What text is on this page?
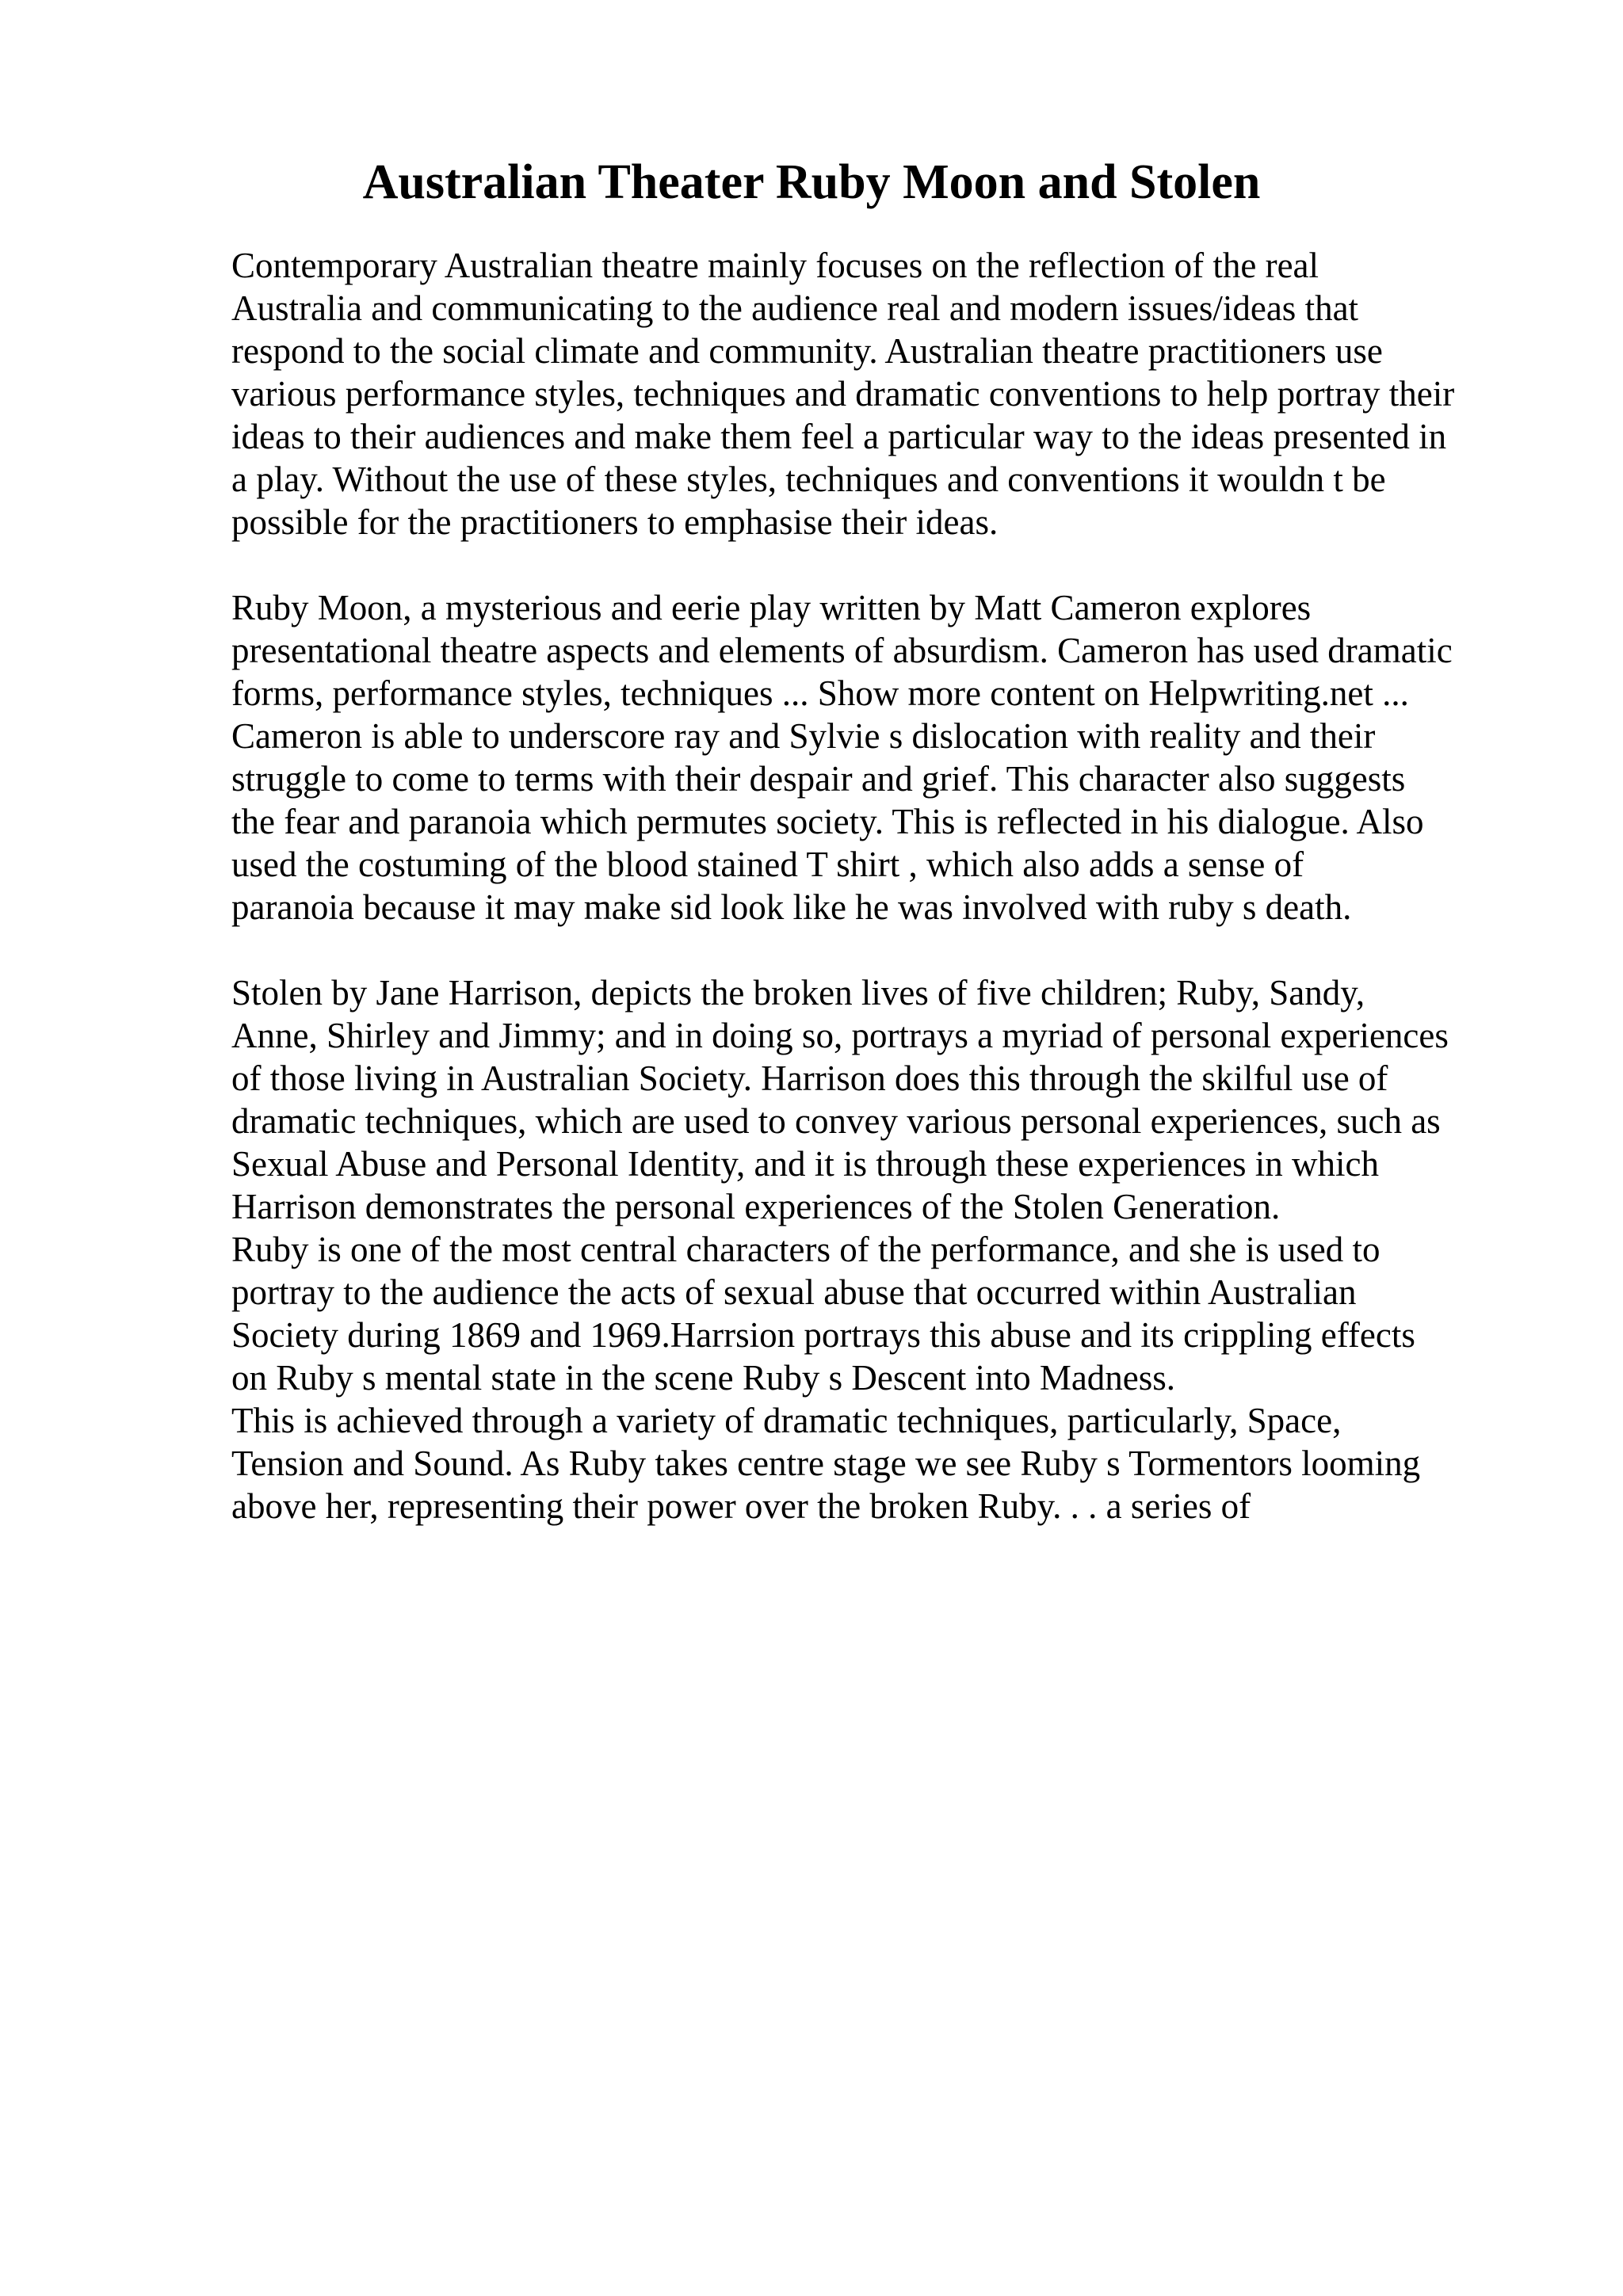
Australian Theater Ruby Moon and Stolen

Contemporary Australian theatre mainly focuses on the reflection of the real
Australia and communicating to the audience real and modern issues/ideas that
respond to the social climate and community. Australian theatre practitioners use
various performance styles, techniques and dramatic conventions to help portray their
ideas to their audiences and make them feel a particular way to the ideas presented in
a play. Without the use of these styles, techniques and conventions it wouldn t be
possible for the practitioners to emphasise their ideas.

Ruby Moon, a mysterious and eerie play written by Matt Cameron explores
presentational theatre aspects and elements of absurdism. Cameron has used dramatic
forms, performance styles, techniques ... Show more content on Helpwriting.net ...
Cameron is able to underscore ray and Sylvie s dislocation with reality and their
struggle to come to terms with their despair and grief. This character also suggests
the fear and paranoia which permutes society. This is reflected in his dialogue. Also
used the costuming of the blood stained T shirt , which also adds a sense of
paranoia because it may make sid look like he was involved with ruby s death.

Stolen by Jane Harrison, depicts the broken lives of five children; Ruby, Sandy,
Anne, Shirley and Jimmy; and in doing so, portrays a myriad of personal experiences
of those living in Australian Society. Harrison does this through the skilful use of
dramatic techniques, which are used to convey various personal experiences, such as
Sexual Abuse and Personal Identity, and it is through these experiences in which
Harrison demonstrates the personal experiences of the Stolen Generation.
Ruby is one of the most central characters of the performance, and she is used to
portray to the audience the acts of sexual abuse that occurred within Australian
Society during 1869 and 1969.Harrsion portrays this abuse and its crippling effects
on Ruby s mental state in the scene Ruby s Descent into Madness.
This is achieved through a variety of dramatic techniques, particularly, Space,
Tension and Sound. As Ruby takes centre stage we see Ruby s Tormentors looming
above her, representing their power over the broken Ruby. . . a series of
